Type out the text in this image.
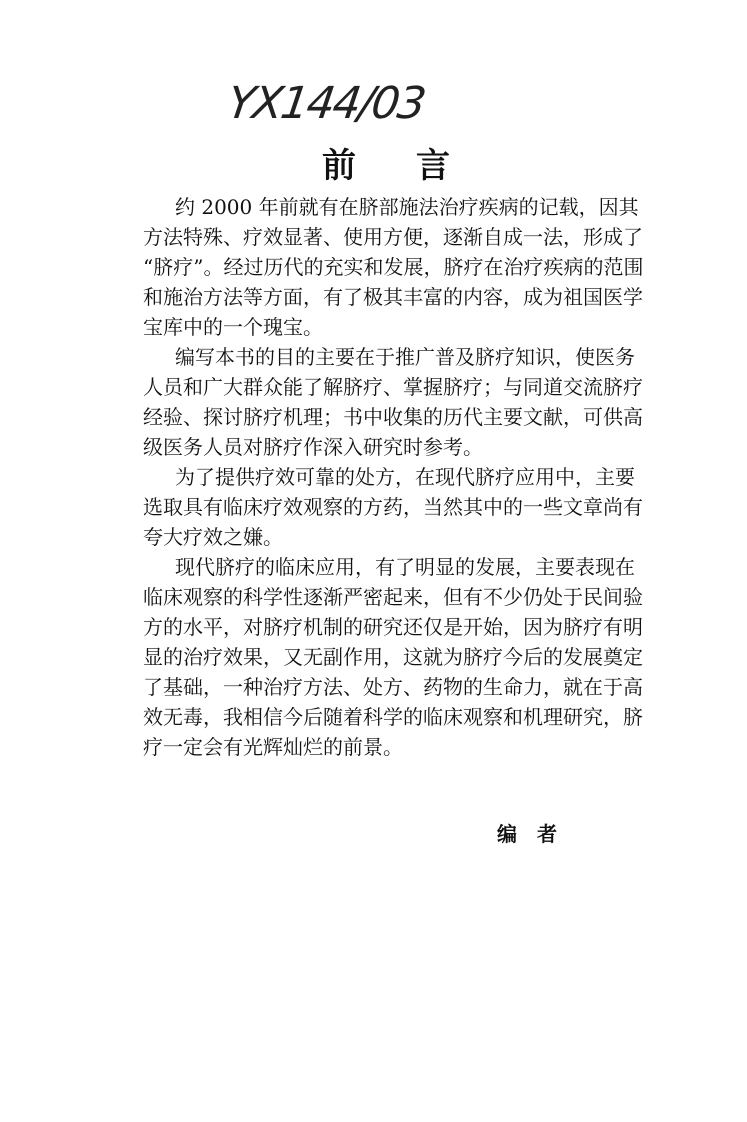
YX144/03
前 言
约 2000 年前就有在脐部施法治疗疾病的记载，因其
方法特殊、疗效显著、使用方便，逐渐自成一法，形成了
“脐疗”。经过历代的充实和发展，脐疗在治疗疾病的范围
和施治方法等方面，有了极其丰富的内容，成为祖国医学
宝库中的一个瑰宝。
编写本书的目的主要在于推广普及脐疗知识，使医务
人员和广大群众能了解脐疗、掌握脐疗；与同道交流脐疗
经验、探讨脐疗机理；书中收集的历代主要文献，可供高
级医务人员对脐疗作深入研究时参考。
为了提供疗效可靠的处方，在现代脐疗应用中，主要
选取具有临床疗效观察的方药，当然其中的一些文章尚有
夸大疗效之嫌。
现代脐疗的临床应用，有了明显的发展，主要表现在
临床观察的科学性逐渐严密起来，但有不少仍处于民间验
方的水平，对脐疗机制的研究还仅是开始，因为脐疗有明
显的治疗效果，又无副作用，这就为脐疗今后的发展奠定
了基础，一种治疗方法、处方、药物的生命力，就在于高
效无毒，我相信今后随着科学的临床观察和机理研究，脐
疗一定会有光辉灿烂的前景。
编 者
